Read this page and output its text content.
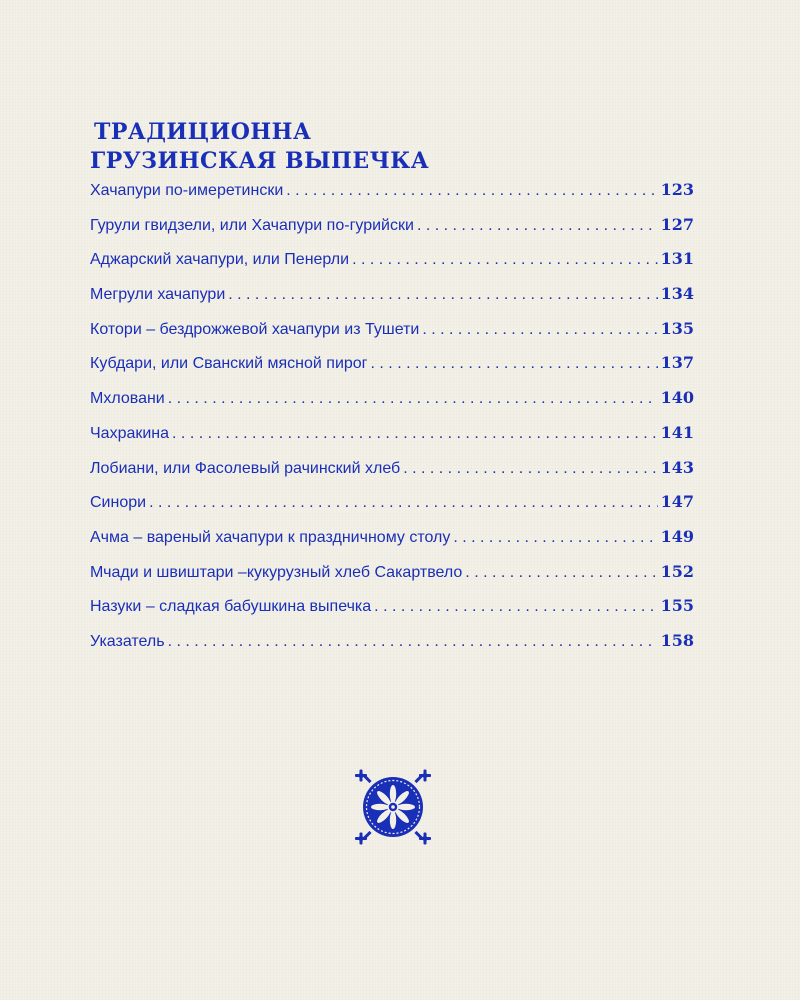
ТРАДИЦИОННА
ГРУЗИНСКАЯ ВЫПЕЧКА
Хачапури по-имеретински . . .	123
Гурули гвидзели, или Хачапури по-гурийски . . .	127
Аджарский хачапури, или Пенерли . . .	131
Мегрули хачапури . . .	134
Котори – бездрожжевой хачапури из Тушети . . .	135
Кубдари, или Сванский мясной пирог . . .	137
Мхловани . . .	140
Чахракина . . .	141
Лобиани, или Фасолевый рачинский хлеб . . .	143
Синори . . .	147
Ачма – вареный хачапури к праздничному столу . . .	149
Мчади и швиштари –кукурузный хлеб Сакартвело . . .	152
Назуки – сладкая бабушкина выпечка . . .	155
Указатель . . .	158
